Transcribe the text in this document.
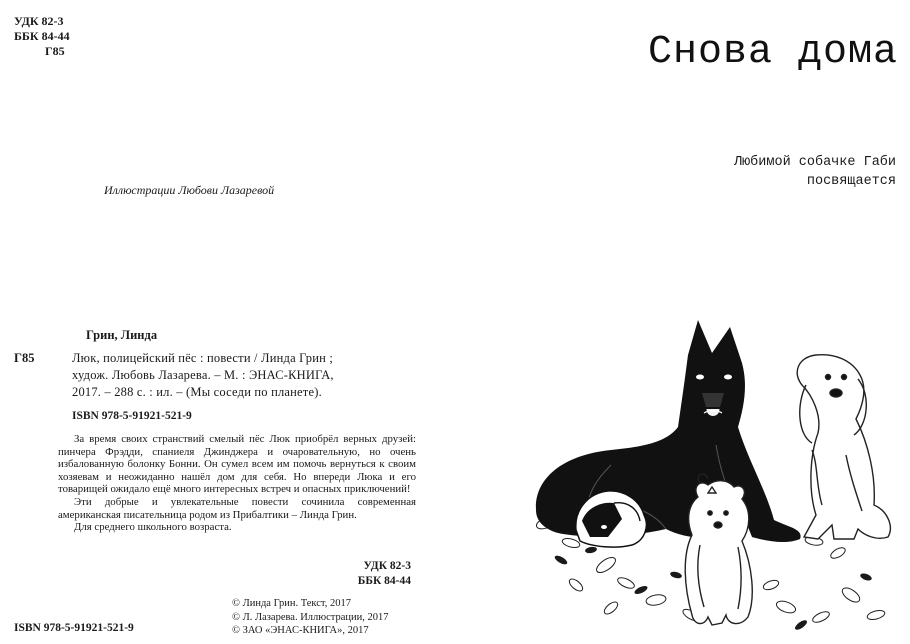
УДК 82-3
ББК 84-44
Г85
Иллюстрации Любови Лазаревой
Грин, Линда
Г85	Люк, полицейский пёс : повести / Линда Грин ;
худож. Любовь Лазарева. – М. : ЭНАС-КНИГА,
2017. – 288 с. : ил. – (Мы соседи по планете).
ISBN 978-5-91921-521-9

За время своих странствий смелый пёс Люк приобрёл верных друзей: пинчера Фрэдди, спаниеля Джинджера и очаровательную, но очень избалованную болонку Бонни. Он сумел всем им помочь вернуться к своим хозяевам и неожиданно нашёл дом для себя. Но впереди Люка и его товарищей ожидало ещё много интересных встреч и опасных приключений!

Эти добрые и увлекательные повести сочинила современная американская писательница родом из Прибалтики – Линда Грин.

Для среднего школьного возраста.

УДК 82-3
ББК 84-44
ISBN 978-5-91921-521-9
© Линда Грин. Текст, 2017
© Л. Лазарева. Иллюстрации, 2017
© ЗАО «ЭНАС-КНИГА», 2017
Снова дома
Любимой собачке Габи
посвящается
